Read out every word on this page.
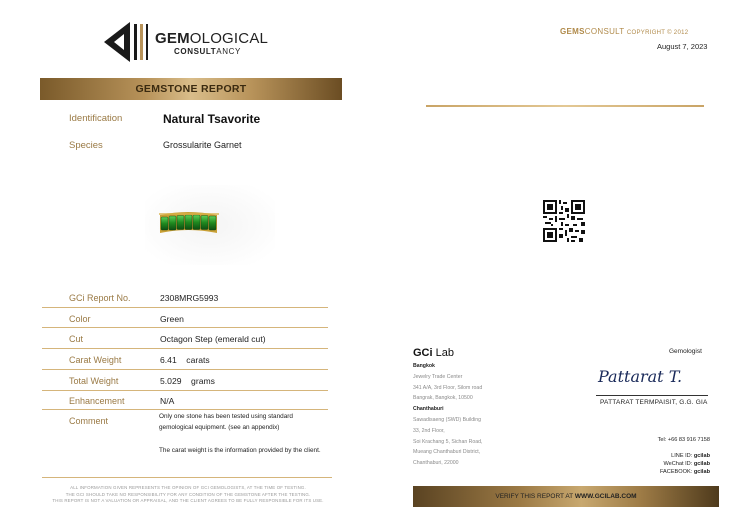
GEMOLOGICAL
CONSULTANCY
GEMSTONE REPORT
Identification	Natural Tsavorite
Species	Grossularite Garnet
GCi Report No.	2308MRG5993
Color	Green
Cut	Octagon Step (emerald cut)
Carat Weight	6.41    carats
Total Weight	5.029    grams
Enhancement	N/A
Comment	Only one stone has been tested using standard
gemological equipment. (see an appendix)
The carat weight is the information provided by the client.
ALL INFORMATION GIVEN REPRESENTS THE OPINION OF GCI GEMOLOGISTS, AT THE TIME OF TESTING.
THE GCI SHOULD TAKE NO RESPONSIBILITY FOR ANY CONDITION OF THE GEMSTONE AFTER THE TESTING.
THIS REPORT IS NOT A VALUATION OR APPRAISAL, AND THE CLIENT AGREES TO BE FULLY RESPONSIBLE FOR ITS USE.
GEMSCONSULT COPYRIGHT © 2012
August 7, 2023
GCi Lab
Bangkok
Jewelry Trade Center
341 A/A, 3rd Floor, Silom road
Bangrak, Bangkok, 10500
Chanthaburi
Sawadisaeng (SWD) Building
33, 2nd Floor,
Soi Krachang 5, Sichan Road,
Mueang Chanthaburi District,
Chanthaburi, 22000
Gemologist
Pattarat T.
PATTARAT TERMPAISIT, G.G. GIA
Tel: +66 83 916 7158
LINE ID: gcilab
WeChat ID: gcilab
FACEBOOK: gcilab
VERIFY THIS REPORT AT WWW.GCILAB.COM
